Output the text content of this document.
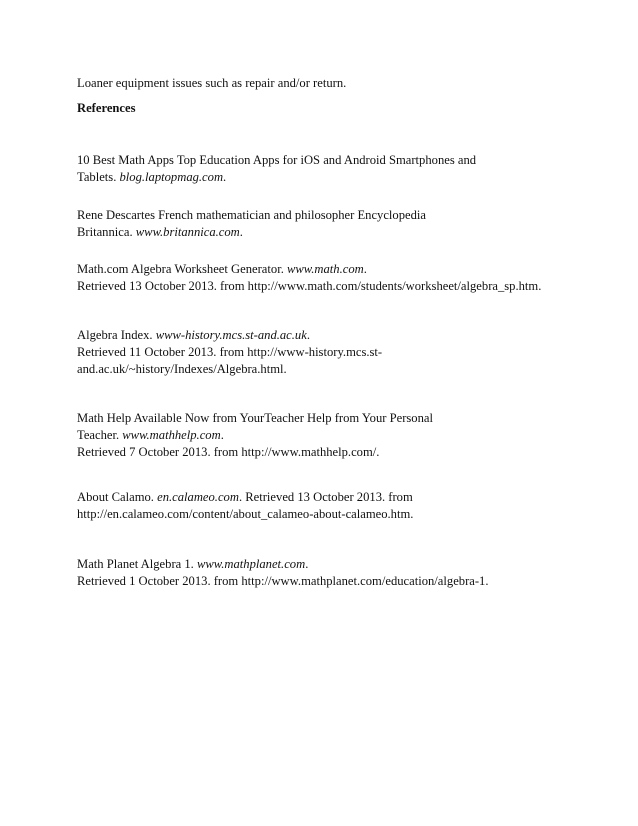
Loaner equipment issues such as repair and/or return.

References

10 Best Math Apps Top Education Apps for iOS and Android Smartphones and
Tablets. blog.laptopmag.com.
Rene Descartes French mathematician and philosopher Encyclopedia
Britannica. www.britannica.com.
Math.com Algebra Worksheet Generator. www.math.com.
Retrieved 13 October 2013. from http://www.math.com/students/worksheet/algebra_sp.htm.
Algebra Index. www-history.mcs.st-and.ac.uk.
Retrieved 11 October 2013. from http://www-history.mcs.st-
and.ac.uk/~history/Indexes/Algebra.html.
Math Help Available Now from YourTeacher Help from Your Personal
Teacher. www.mathhelp.com.
Retrieved 7 October 2013. from http://www.mathhelp.com/.
About Calamo. en.calameo.com. Retrieved 13 October 2013. from
http://en.calameo.com/content/about_calameo-about-calameo.htm.
Math Planet Algebra 1. www.mathplanet.com.
Retrieved 1 October 2013. from http://www.mathplanet.com/education/algebra-1.
